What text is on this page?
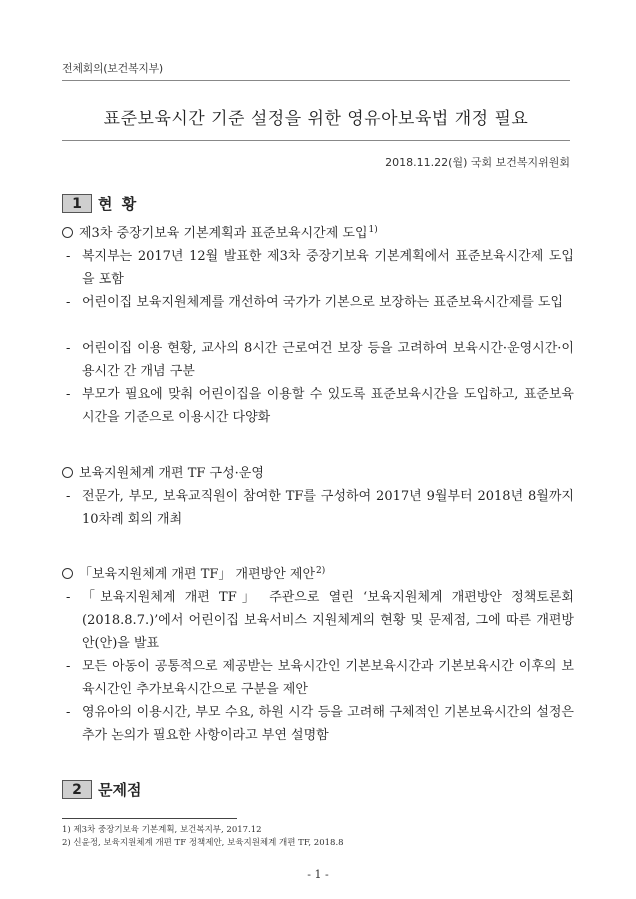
전체회의(보건복지부)
표준보육시간 기준 설정을 위한 영유아보육법 개정 필요
2018.11.22(월) 국회 보건복지위원회
1	현 황
제3차 중장기보육 기본계획과 표준보육시간제 도입$^{1)}$
- 복지부는 2017년 12월 발표한 제3차 중장기보육 기본계획에서 표준보육시간제 도입을 포함
- 어린이집 보육지원체계를 개선하여 국가가 기본으로 보장하는 표준보육시간제를 도입
- 어린이집 이용 현황, 교사의 8시간 근로여건 보장 등을 고려하여 보육시간·운영시간·이용시간 간 개념 구분
- 부모가 필요에 맞춰 어린이집을 이용할 수 있도록 표준보육시간을 도입하고, 표준보육시간을 기준으로 이용시간 다양화
보육지원체계 개편 TF 구성·운영
- 전문가, 부모, 보육교직원이 참여한 TF를 구성하여 2017년 9월부터 2018년 8월까지 10차례 회의 개최
「보육지원체계 개편 TF」 개편방안 제안$^{2)}$
- 「보육지원체계 개편 TF」 주관으로 열린 ‘보육지원체계 개편방안 정책토론회(2018.8.7.)’에서 어린이집 보육서비스 지원체계의 현황 및 문제점, 그에 따른 개편방안(안)을 발표
- 모든 아동이 공통적으로 제공받는 보육시간인 기본보육시간과 기본보육시간 이후의 보육시간인 추가보육시간으로 구분을 제안
- 영유아의 이용시간, 부모 수요, 하원 시각 등을 고려해 구체적인 기본보육시간의 설정은 추가 논의가 필요한 사항이라고 부연 설명함
2	문제점
1) 제3차 중장기보육 기본계획, 보건복지부, 2017.12
2) 신윤정, 보육지원체계 개편 TF 정책제안, 보육지원체계 개편 TF, 2018.8
- 1 -
